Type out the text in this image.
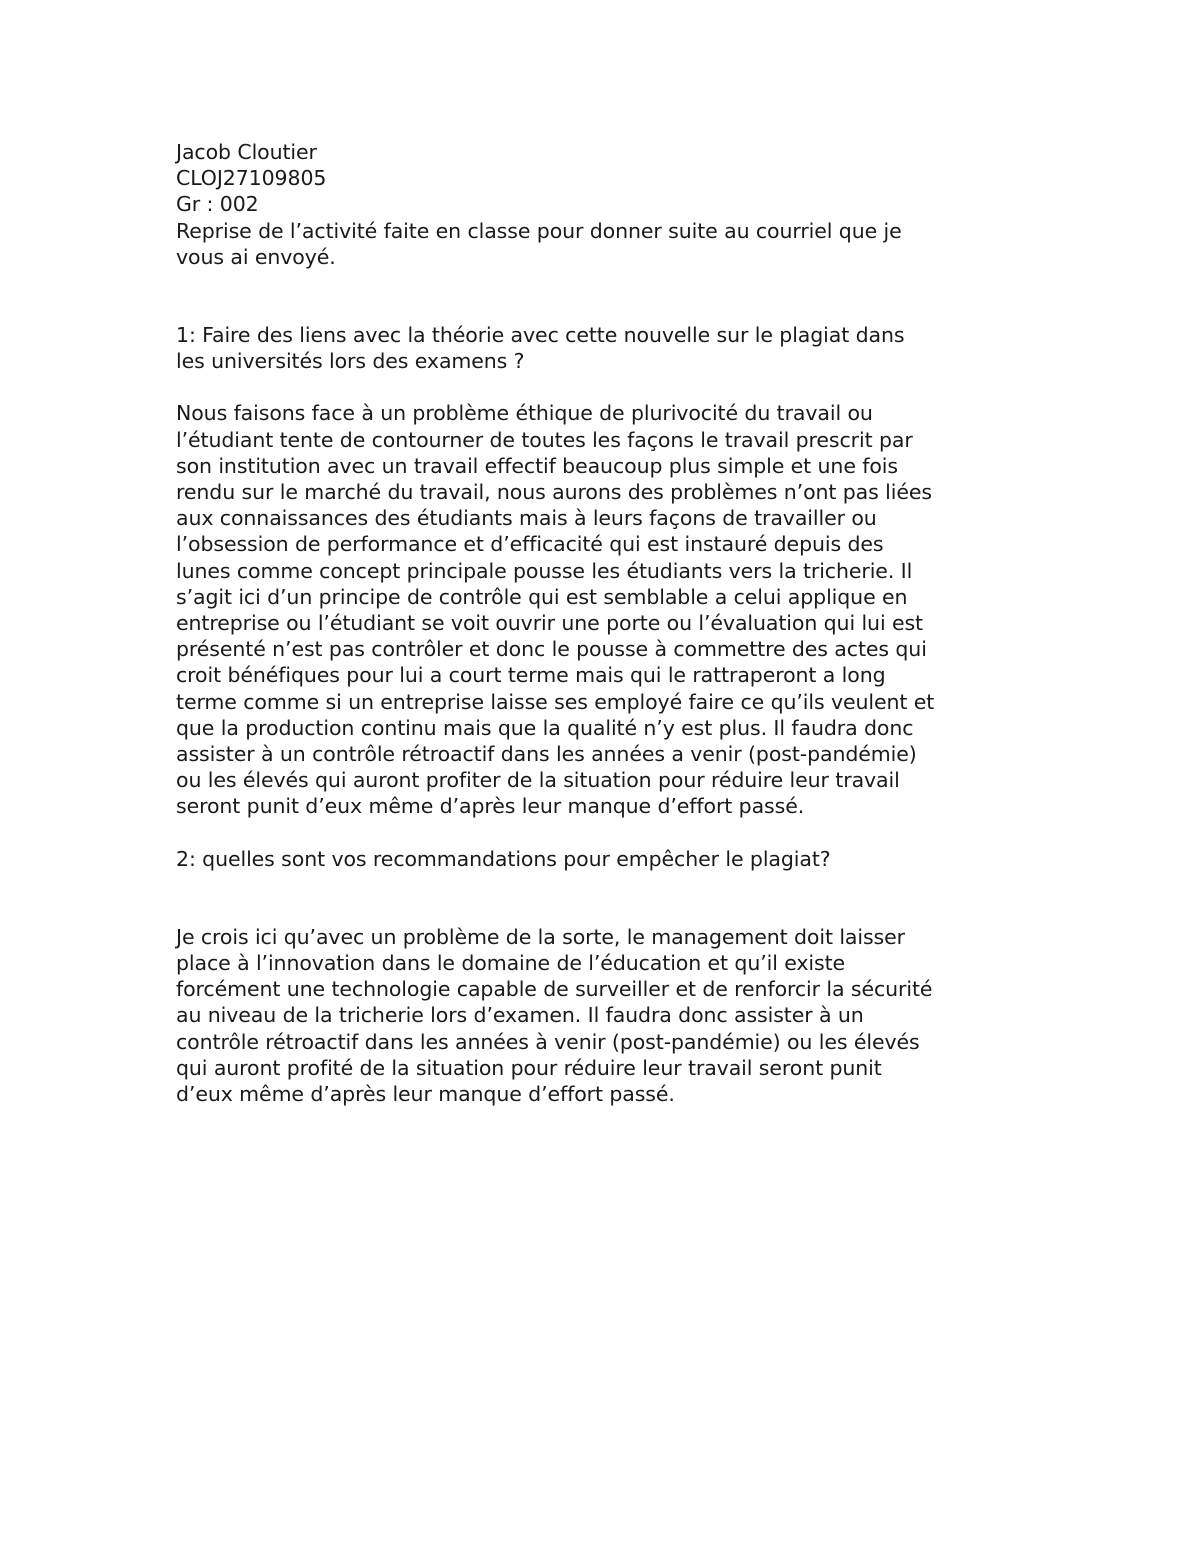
Jacob Cloutier
CLOJ27109805
Gr : 002
Reprise de l’activité faite en classe pour donner suite au courriel que je
vous ai envoyé.
1: Faire des liens avec la théorie avec cette nouvelle sur le plagiat dans
les universités lors des examens ?
Nous faisons face à un problème éthique de plurivocité du travail ou
l’étudiant tente de contourner de toutes les façons le travail prescrit par
son institution avec un travail effectif beaucoup plus simple et une fois
rendu sur le marché du travail, nous aurons des problèmes n’ont pas liées
aux connaissances des étudiants mais à leurs façons de travailler ou
l’obsession de performance et d’efficacité qui est instauré depuis des
lunes comme concept principale pousse les étudiants vers la tricherie. Il
s’agit ici d’un principe de contrôle qui est semblable a celui applique en
entreprise ou l’étudiant se voit ouvrir une porte ou l’évaluation qui lui est
présenté n’est pas contrôler et donc le pousse à commettre des actes qui
croit bénéfiques pour lui a court terme mais qui le rattraperont a long
terme comme si un entreprise laisse ses employé faire ce qu’ils veulent et
que la production continu mais que la qualité n’y est plus. Il faudra donc
assister à un contrôle rétroactif dans les années a venir (post-pandémie)
ou les élevés qui auront profiter de la situation pour réduire leur travail
seront punit d’eux même d’après leur manque d’effort passé.
2: quelles sont vos recommandations pour empêcher le plagiat?
Je crois ici qu’avec un problème de la sorte, le management doit laisser
place à l’innovation dans le domaine de l’éducation et qu’il existe
forcément une technologie capable de surveiller et de renforcir la sécurité
au niveau de la tricherie lors d’examen. Il faudra donc assister à un
contrôle rétroactif dans les années à venir (post-pandémie) ou les élevés
qui auront profité de la situation pour réduire leur travail seront punit
d’eux même d’après leur manque d’effort passé.
